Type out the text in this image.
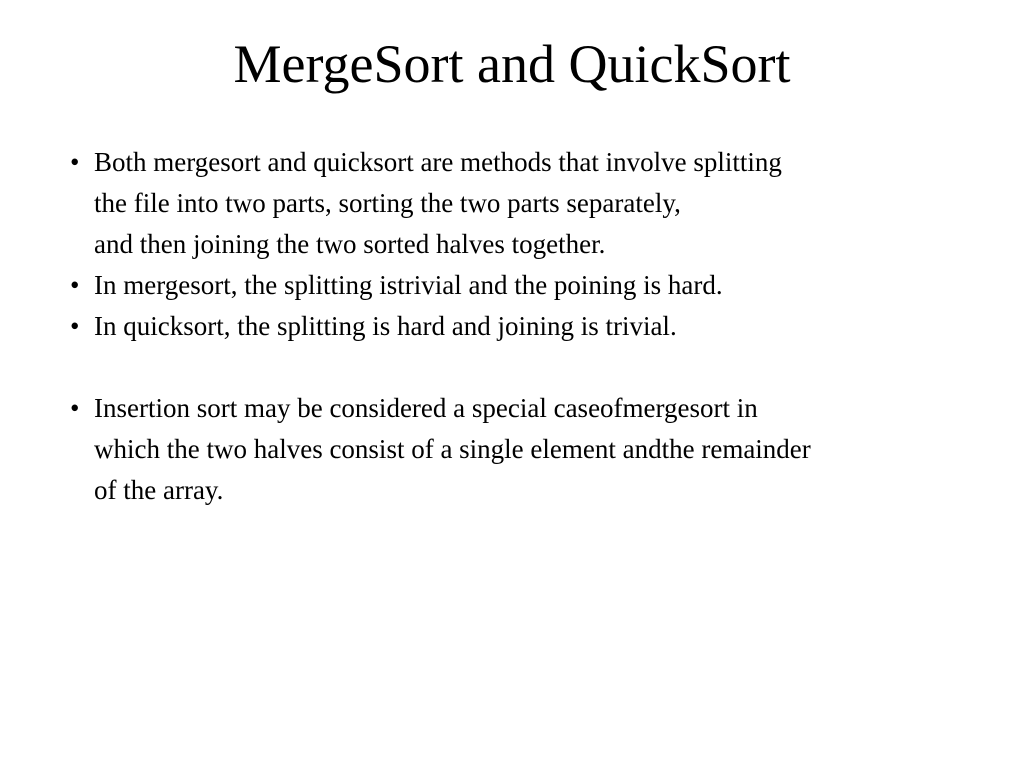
MergeSort and QuickSort
• Both mergesort and quicksort are methods that involve splitting
the file into two parts, sorting the two parts separately,
and then joining the two sorted halves together.
• In mergesort, the splitting istrivial and the poining is hard.
• In quicksort, the splitting is hard and joining is trivial.
• Insertion sort may be considered a special caseofmergesort in
which the two halves consist of a single element andthe remainder
of the array.
